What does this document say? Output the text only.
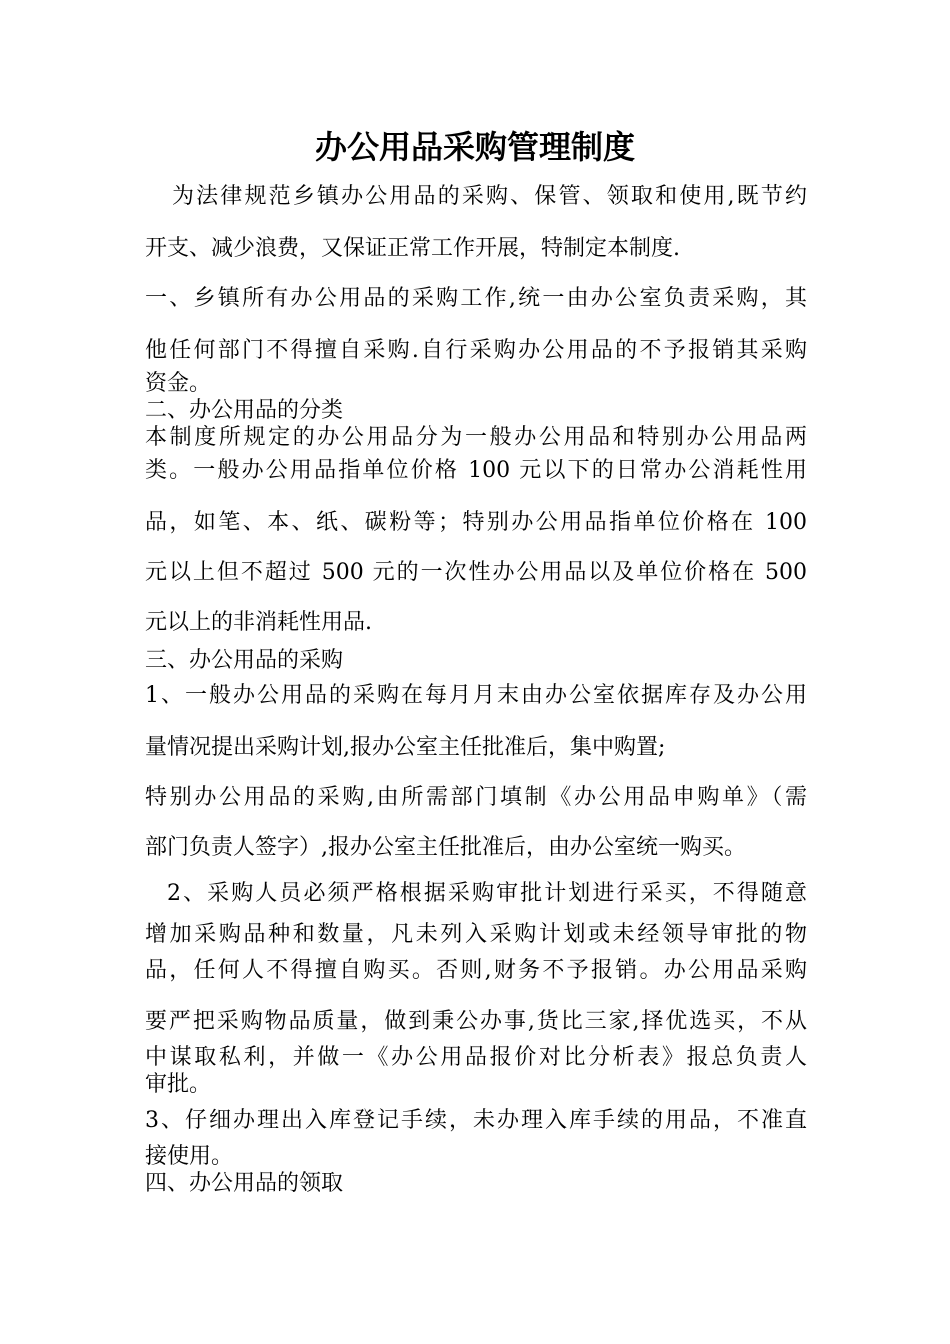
办公用品采购管理制度
为法律规范乡镇办公用品的采购、保管、领取和使用,既节约
开支、减少浪费，又保证正常工作开展，特制定本制度.
一、乡镇所有办公用品的采购工作,统一由办公室负责采购，其
他任何部门不得擅自采购.自行采购办公用品的不予报销其采购
资金。
二、办公用品的分类
本制度所规定的办公用品分为一般办公用品和特别办公用品两
类。一般办公用品指单位价格 100 元以下的日常办公消耗性用
品，如笔、本、纸、碳粉等；特别办公用品指单位价格在 100
元以上但不超过 500 元的一次性办公用品以及单位价格在 500
元以上的非消耗性用品.
三、办公用品的采购
1、一般办公用品的采购在每月月末由办公室依据库存及办公用
量情况提出采购计划,报办公室主任批准后，集中购置;
特别办公用品的采购,由所需部门填制《办公用品申购单》（需
部门负责人签字）,报办公室主任批准后，由办公室统一购买。
2、采购人员必须严格根据采购审批计划进行采买，不得随意
增加采购品种和数量，凡未列入采购计划或未经领导审批的物
品，任何人不得擅自购买。否则,财务不予报销。办公用品采购
要严把采购物品质量，做到秉公办事,货比三家,择优选买，不从
中谋取私利，并做一《办公用品报价对比分析表》报总负责人
审批。
3、仔细办理出入库登记手续，未办理入库手续的用品，不准直
接使用。
四、办公用品的领取
